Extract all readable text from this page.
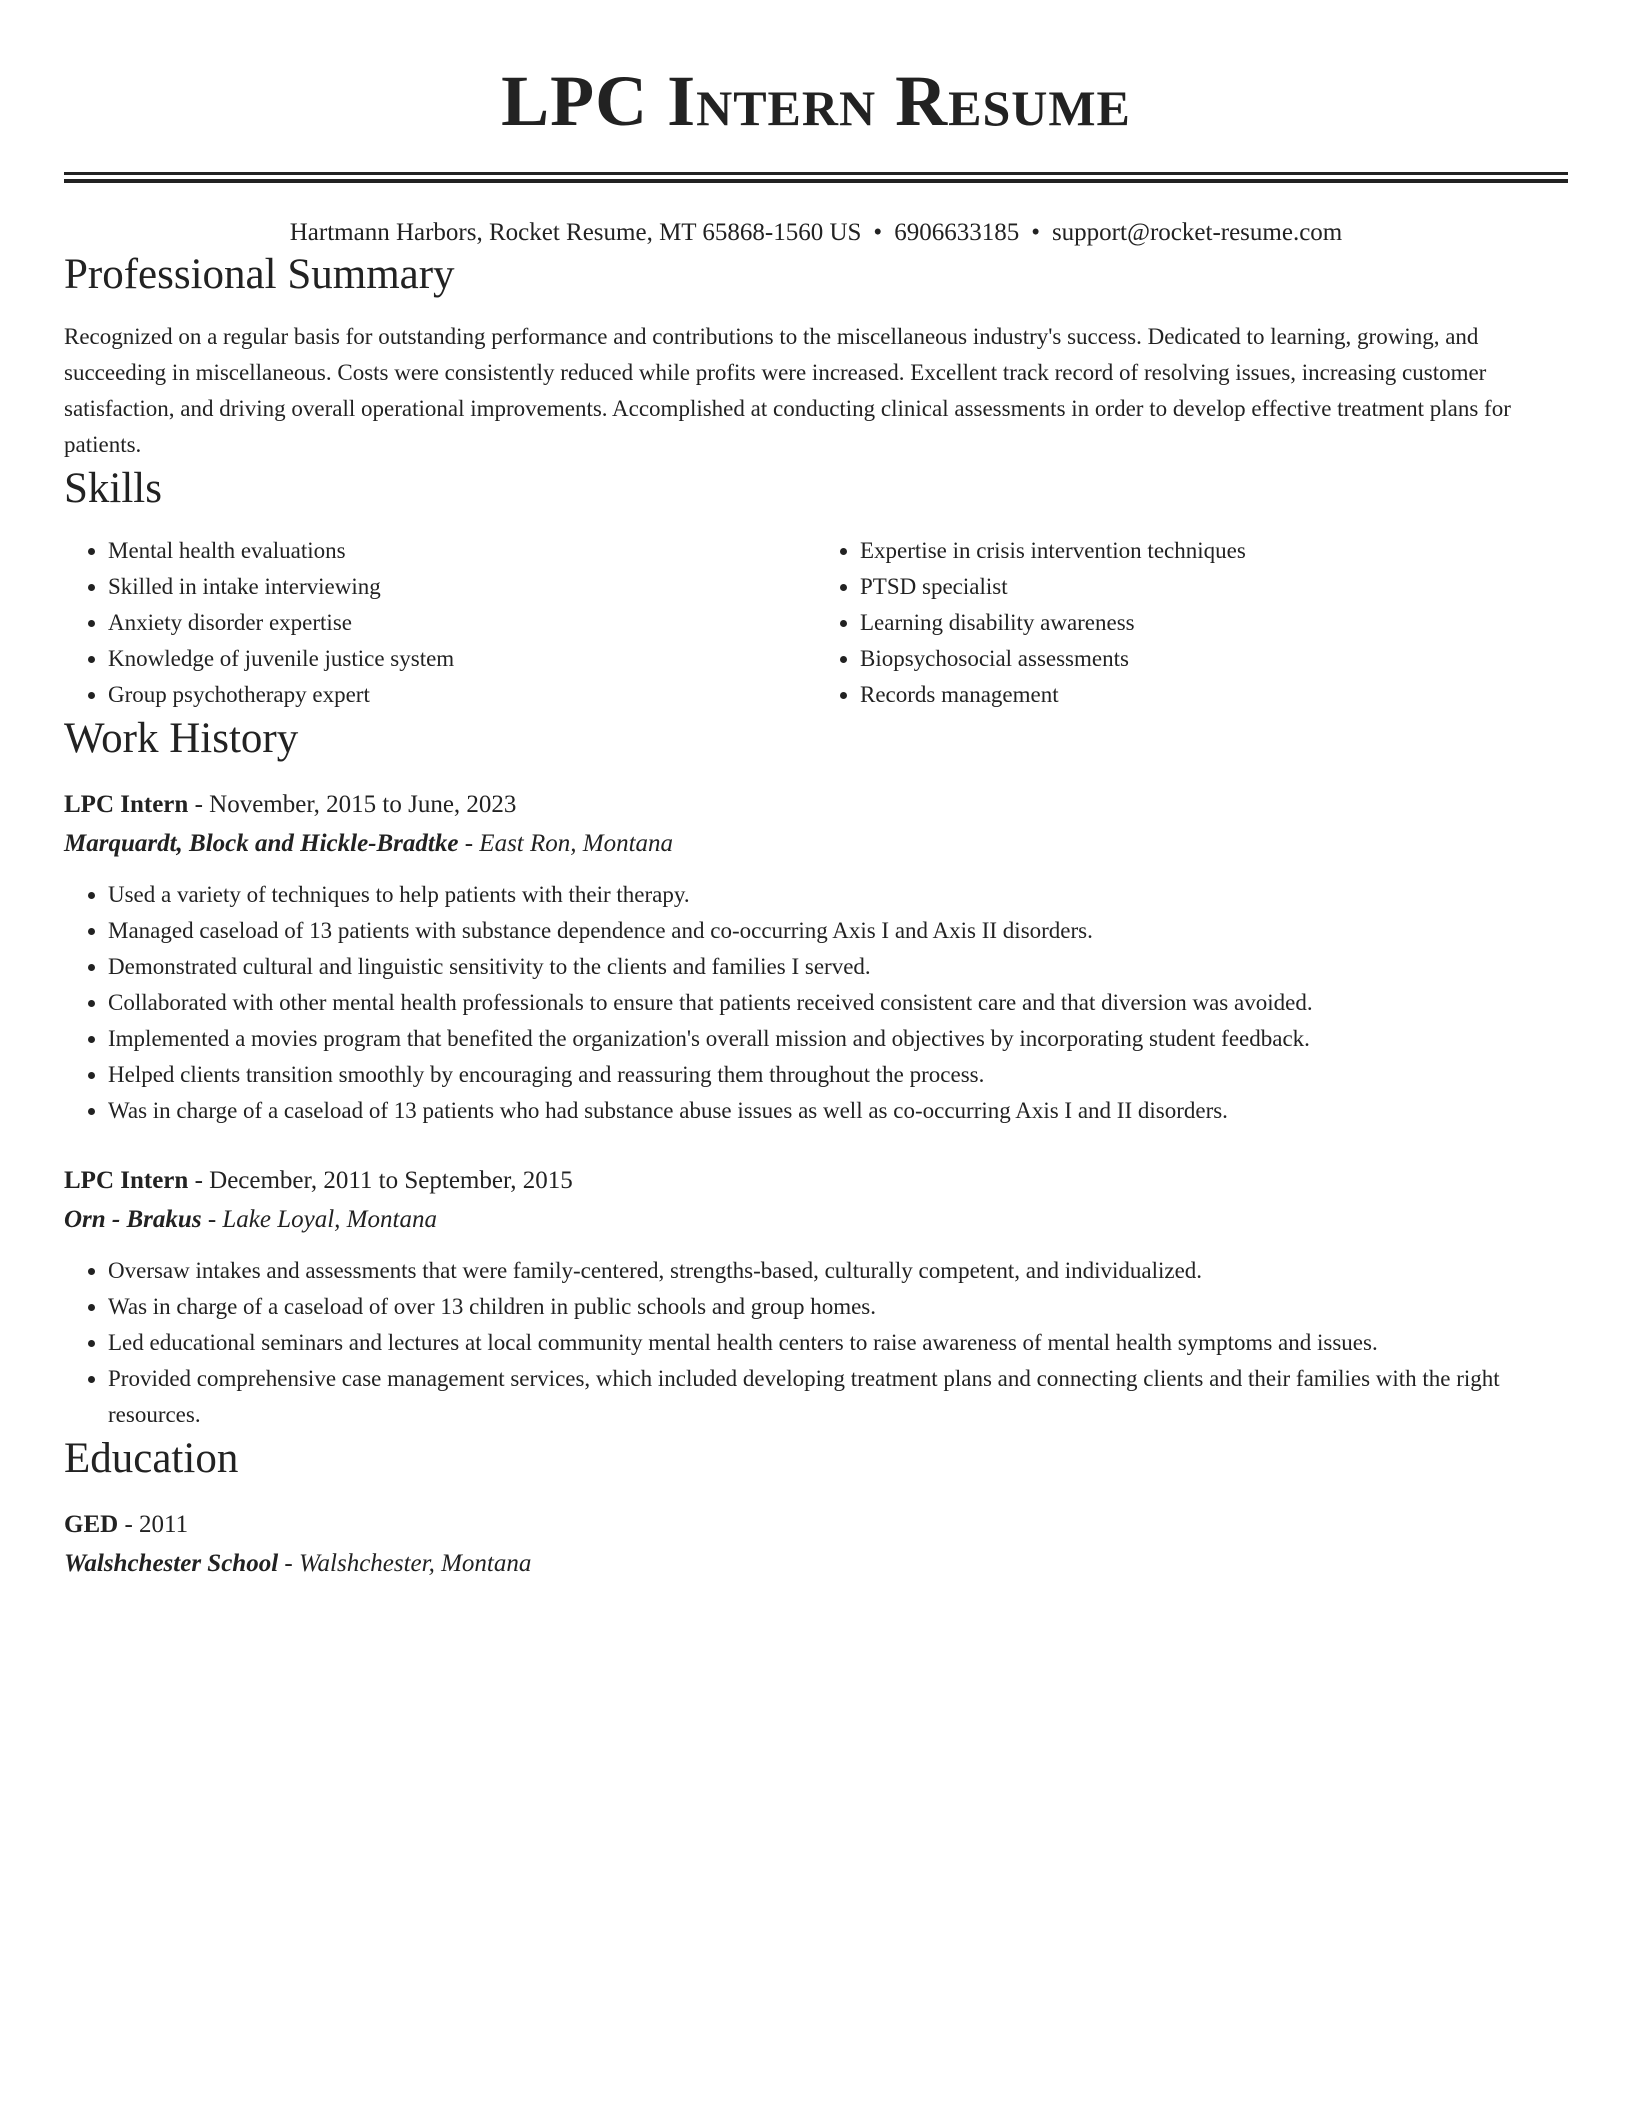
LPC Intern Resume
Hartmann Harbors, Rocket Resume, MT 65868-1560 US • 6906633185 • support@rocket-resume.com
Professional Summary
Recognized on a regular basis for outstanding performance and contributions to the miscellaneous industry's success. Dedicated to learning, growing, and succeeding in miscellaneous. Costs were consistently reduced while profits were increased. Excellent track record of resolving issues, increasing customer satisfaction, and driving overall operational improvements. Accomplished at conducting clinical assessments in order to develop effective treatment plans for patients.
Skills
• Mental health evaluations
• Skilled in intake interviewing
• Anxiety disorder expertise
• Knowledge of juvenile justice system
• Group psychotherapy expert
• Expertise in crisis intervention techniques
• PTSD specialist
• Learning disability awareness
• Biopsychosocial assessments
• Records management
Work History
LPC Intern - November, 2015 to June, 2023
Marquardt, Block and Hickle-Bradtke - East Ron, Montana
• Used a variety of techniques to help patients with their therapy.
• Managed caseload of 13 patients with substance dependence and co-occurring Axis I and Axis II disorders.
• Demonstrated cultural and linguistic sensitivity to the clients and families I served.
• Collaborated with other mental health professionals to ensure that patients received consistent care and that diversion was avoided.
• Implemented a movies program that benefited the organization's overall mission and objectives by incorporating student feedback.
• Helped clients transition smoothly by encouraging and reassuring them throughout the process.
• Was in charge of a caseload of 13 patients who had substance abuse issues as well as co-occurring Axis I and II disorders.
LPC Intern - December, 2011 to September, 2015
Orn - Brakus - Lake Loyal, Montana
• Oversaw intakes and assessments that were family-centered, strengths-based, culturally competent, and individualized.
• Was in charge of a caseload of over 13 children in public schools and group homes.
• Led educational seminars and lectures at local community mental health centers to raise awareness of mental health symptoms and issues.
• Provided comprehensive case management services, which included developing treatment plans and connecting clients and their families with the right resources.
Education
GED - 2011
Walshchester School - Walshchester, Montana
